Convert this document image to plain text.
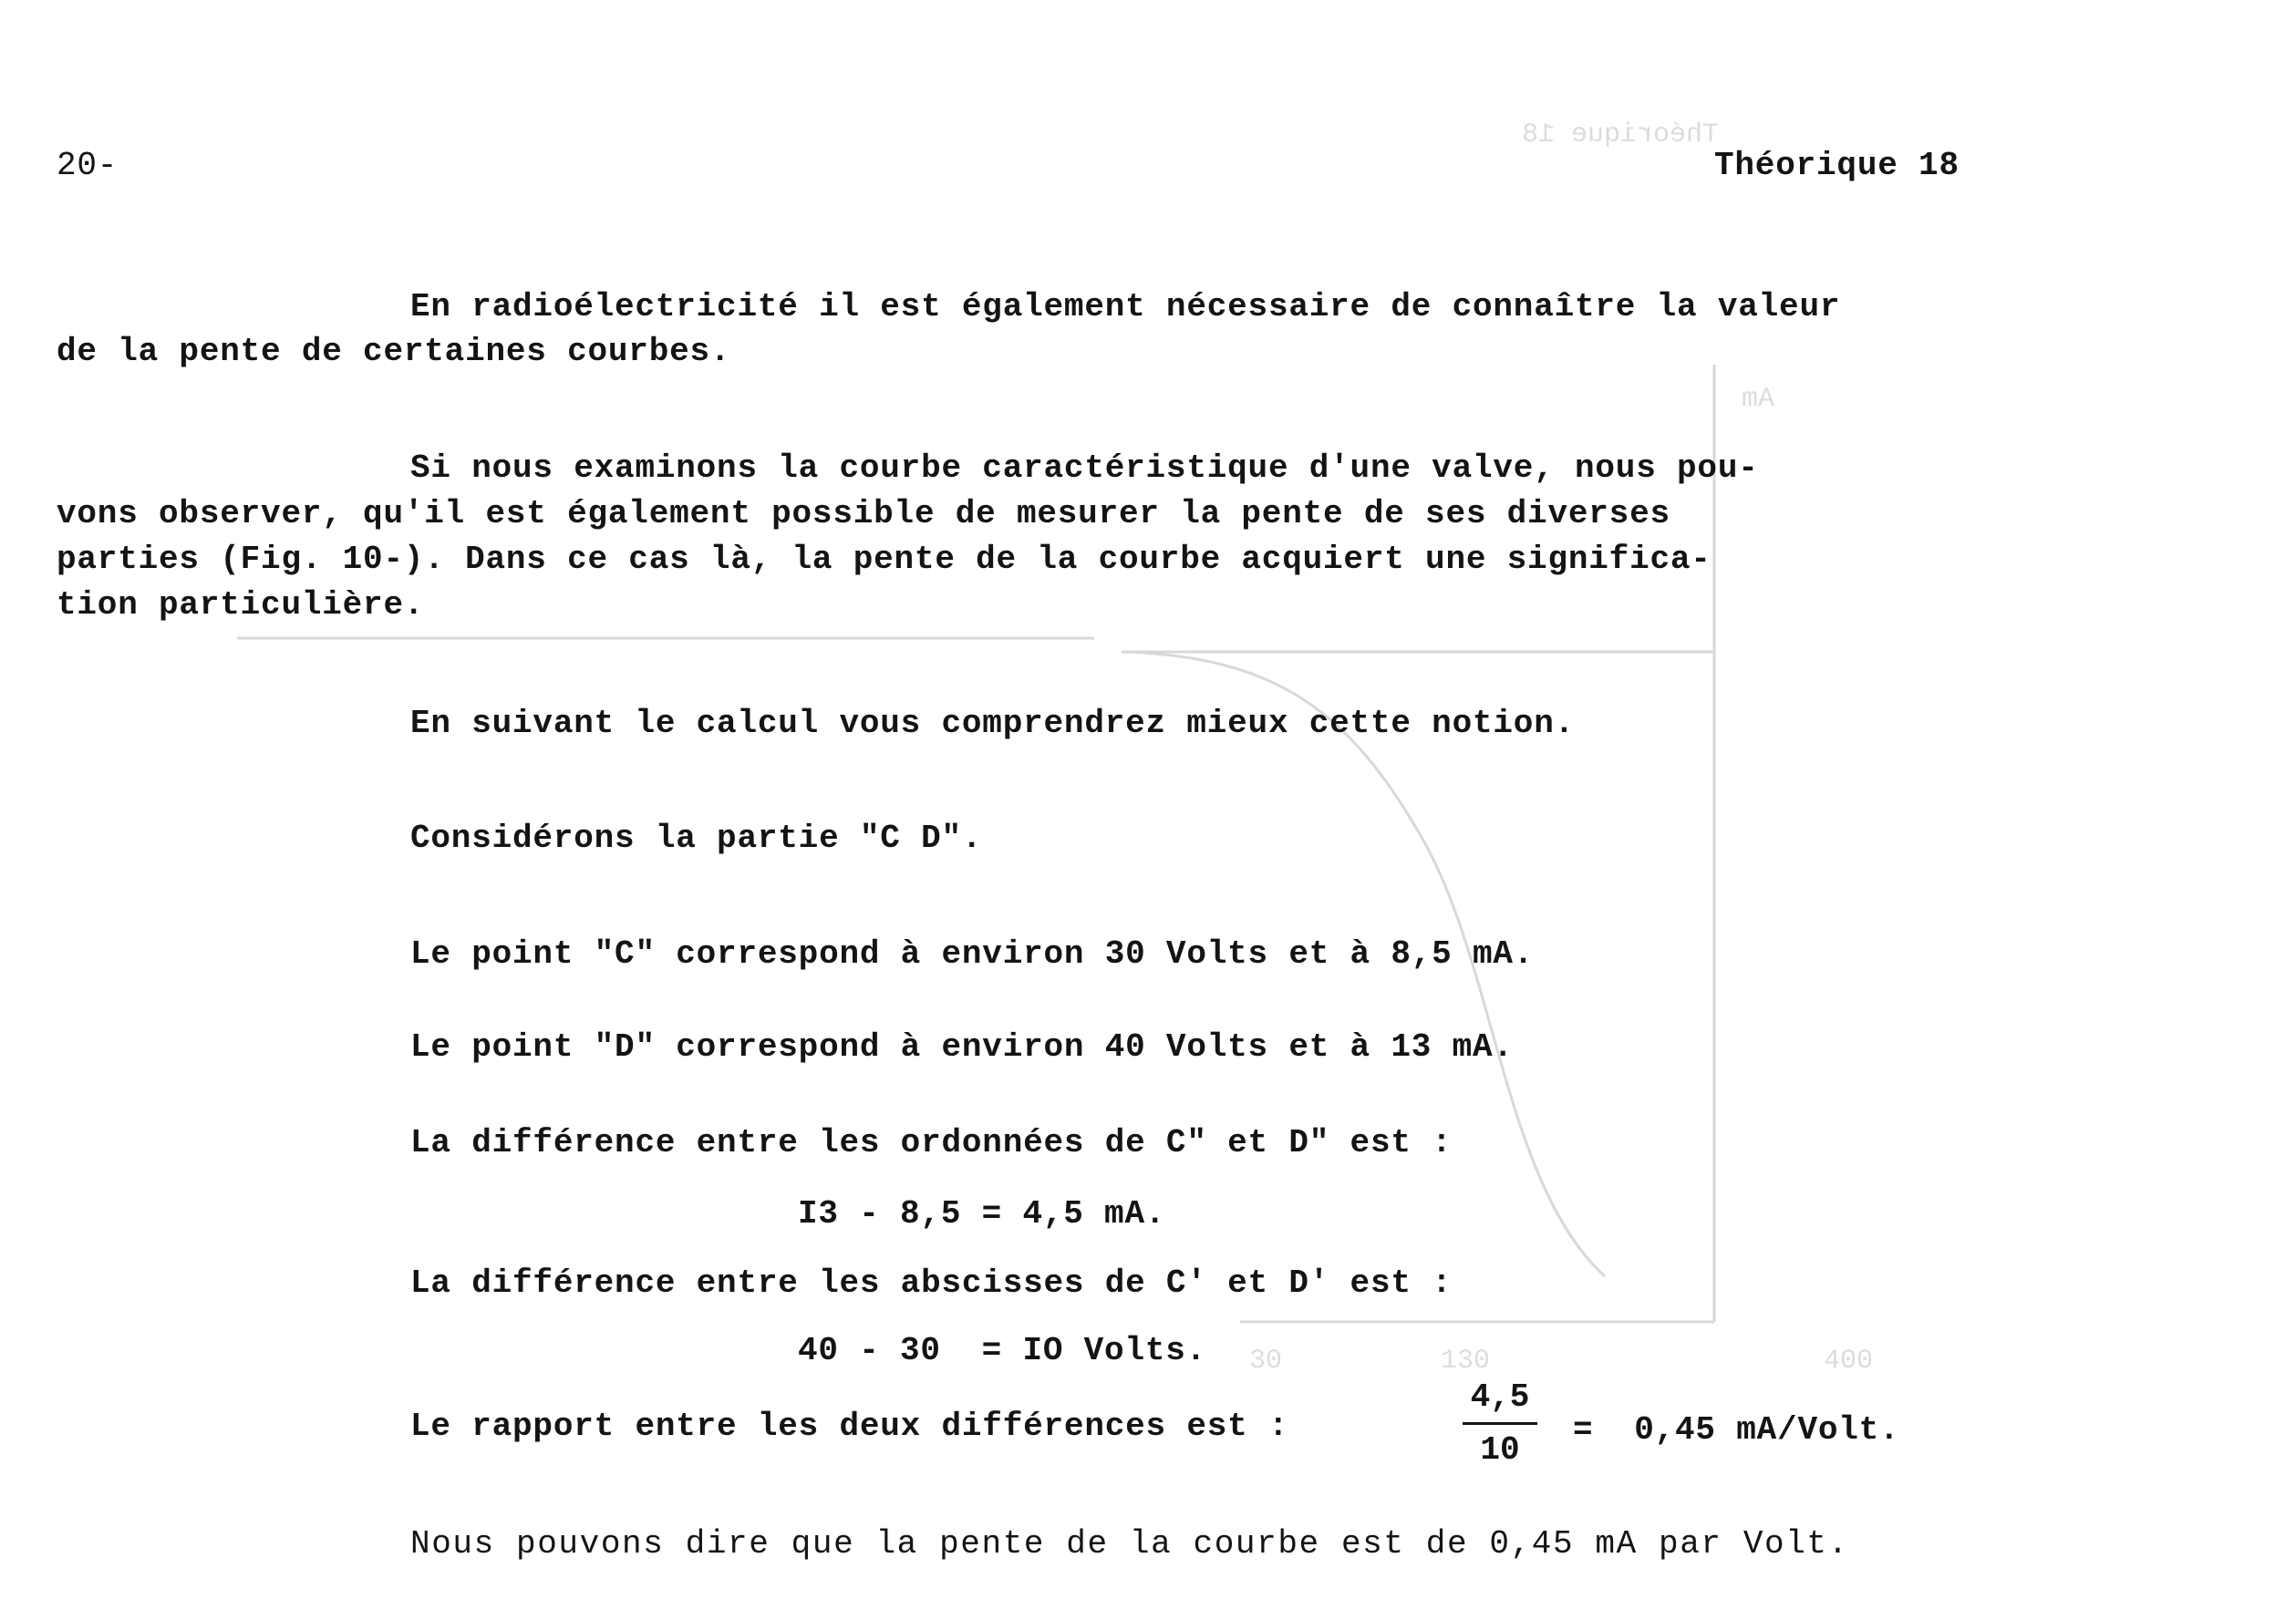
Théorique 18
mA
30	130	400
20-	Théorique 18
En radioélectricité il est également nécessaire de connaître la valeur
de la pente de certaines courbes.
Si nous examinons la courbe caractéristique d'une valve, nous pou-
vons observer, qu'il est également possible de mesurer la pente de ses diverses
parties (Fig. 10-). Dans ce cas là, la pente de la courbe acquiert une significa-
tion particulière.
En suivant le calcul vous comprendrez mieux cette notion.
Considérons la partie "C D".
Le point "C" correspond à environ 30 Volts et à 8,5 mA.
Le point "D" correspond à environ 40 Volts et à 13 mA.
La différence entre les ordonnées de C" et D" est :
I3 - 8,5 = 4,5 mA.
La différence entre les abscisses de C' et D' est :
40 - 30  = IO Volts.
Le rapport entre les deux différences est :
4,5
10
=  0,45 mA/Volt.
Nous pouvons dire que la pente de la courbe est de 0,45 mA par Volt.
